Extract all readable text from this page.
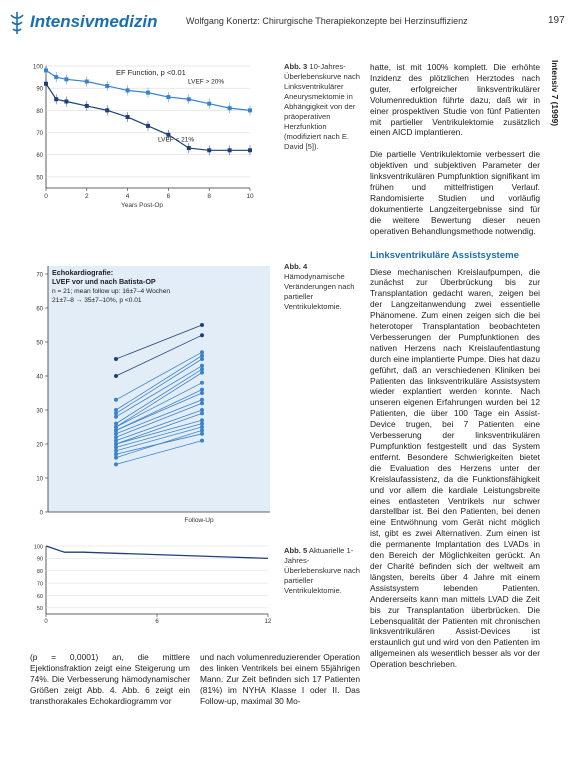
Intensivmedizin	Wolfgang Konertz: Chirurgische Therapiekonzepte bei Herzinsuffizienz	197
Intensiv 7 (1999)
100
90
80
70
60
50
0	2	4	6	8	10
Years Post-Op
EF Function, p <0.01
LVEF > 20%
LVEF < 21%
Abb. 3 10-Jahres-Überlebenskurve nach Linksventrikulärer Aneurysmektomie in Abhängigkeit von der präoperativen Herzfunktion (modifiziert nach E. David [5]).
70
60
50
40
30
20
10
0
Echokardiografie:
LVEF vor und nach Batista-OP
n = 21; mean follow up: 16±7–4 Wochen
21±7–8 → 35±7–10%, p <0.01
Follow-Up
Abb. 4 Hämodynamische Veränderungen nach partieller Ventrikulektomie.
100
90
80
70
60
50
0	6	12
Abb. 5 Aktuarielle 1-Jahres-Überlebenskurve nach partieller Ventrikulektomie.

hatte, ist mit 100% komplett. Die erhöhte Inzidenz des plötzlichen Herztodes nach guter, erfolgreicher linksventrikulärer Volumenreduktion führte dazu, daß wir in einer prospektiven Studie von fünf Patienten mit partieller Ventrikulektomie zusätzlich einen AICD implantieren.

Die partielle Ventrikulektomie verbessert die objektiven und subjektiven Parameter der linksventrikulären Pumpfunktion signifikant im frühen und mittelfristigen Verlauf. Randomisierte Studien und vorläufig dokumentierte Langzeitergebnisse sind für die weitere Bewertung dieser neuen operativen Behandlungsmethode notwendig.

Linksventrikuläre Assistsysteme

Diese mechanischen Kreislaufpumpen, die zunächst zur Überbrückung bis zur Transplantation gedacht waren, zeigen bei der Langzeitanwendung zwei essentielle Phänomene. Zum einen zeigen sich die bei heterotoper Transplantation beobachteten Verbesserungen der Pumpfunktionen des nativen Herzens nach Kreislaufentlastung durch eine implantierte Pumpe. Dies hat dazu geführt, daß an verschiedenen Kliniken bei Patienten das linksventrikuläre Assistsystem wieder explantiert werden konnte. Nach unseren eigenen Erfahrungen wurden bei 12 Patienten, die über 100 Tage ein Assist-Device trugen, bei 7 Patienten eine Verbesserung der linksventrikulären Pumpfunktion festgestellt und das System entfernt. Besondere Schwierigkeiten bietet die Evaluation des Herzens unter der Kreislaufassistenz, da die Funktionsfähigkeit und vor allem die kardiale Leistungsbreite eines entlasteten Ventrikels nur schwer darstellbar ist. Bei den Patienten, bei denen eine Entwöhnung vom Gerät nicht möglich ist, gibt es zwei Alternativen. Zum einen ist die permanente Implantation des LVADs in den Bereich der Möglichkeiten gerückt. An der Charité befinden sich der weltweit am längsten, bereits über 4 Jahre mit einem Assistsystem lebenden Patienten. Andererseits kann man mittels LVAD die Zeit bis zur Transplantation überbrücken. Die Lebensqualität der Patienten mit chronischen linksventrikulären Assist-Devices ist erstaunlich gut und wird von den Patienten im allgemeinen als wesentlich besser als vor der Operation beschrieben.

(p = 0,0001) an, die mittlere Ejektionsfraktion zeigt eine Steigerung um 74%. Die Verbesserung hämodynamischer Größen zeigt Abb. 4. Abb. 6 zeigt ein transthorakales Echokardiogramm vor
und nach volumenreduzierender Operation des linken Ventrikels bei einem 55jährigen Mann. Zur Zeit befinden sich 17 Patienten (81%) im NYHA Klasse I oder II. Das Follow-up, maximal 30 Mo-
